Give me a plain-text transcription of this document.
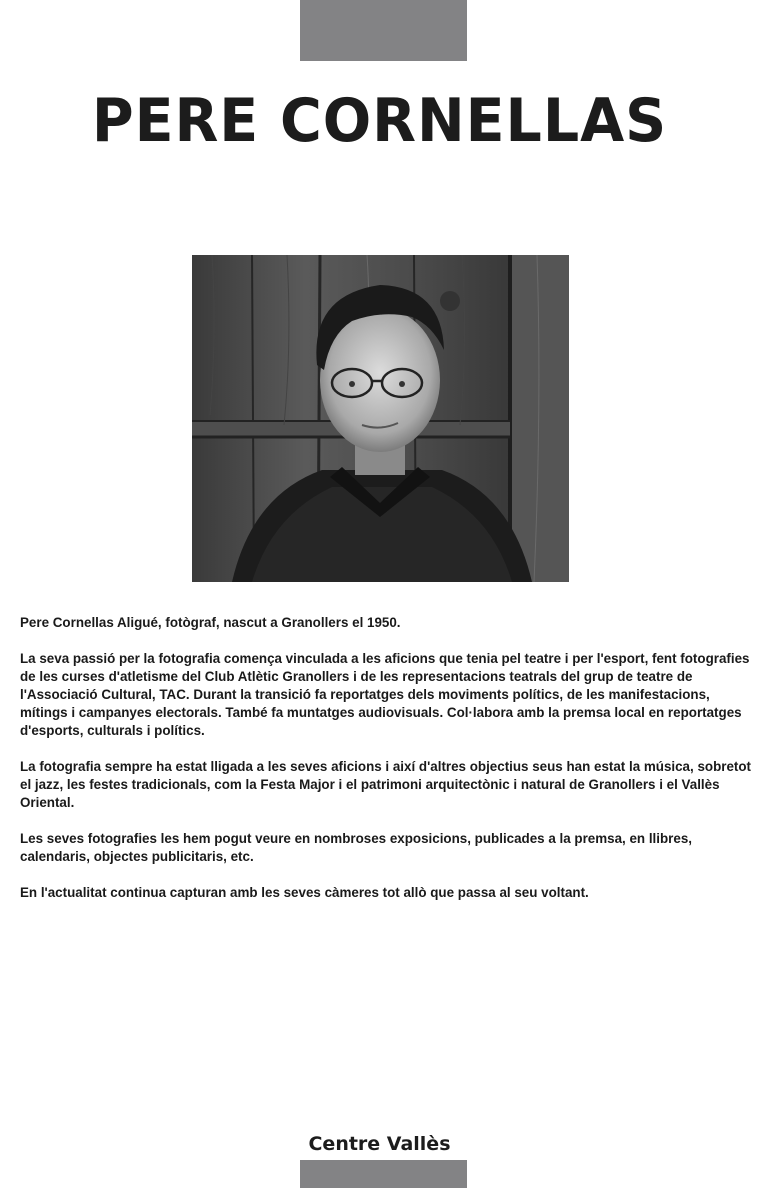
PERE CORNELLAS

Pere Cornellas Aligué, fotògraf, nascut a Granollers el 1950.

La seva passió per la fotografia comença vinculada a les aficions que tenia pel teatre i per l'esport, fent fotografies de les curses d'atletisme del Club Atlètic Granollers i de les representacions teatrals del grup de teatre de l'Associació Cultural, TAC. Durant la transició fa reportatges dels moviments polítics, de les manifestacions, mítings i campanyes electorals. També fa muntatges audiovisuals. Col·labora amb la premsa local en reportatges d'esports, culturals i polítics.

La fotografia sempre ha estat lligada a les seves aficions i així d'altres objectius seus han estat la música, sobretot el jazz, les festes tradicionals, com la Festa Major i el patrimoni arquitectònic i natural de Granollers i el Vallès Oriental.

Les seves fotografies les hem pogut veure en nombroses exposicions, publicades a la premsa, en llibres, calendaris, objectes publicitaris, etc.

En l'actualitat continua capturan amb les seves càmeres tot allò que passa al seu voltant.

Centre Vallès
